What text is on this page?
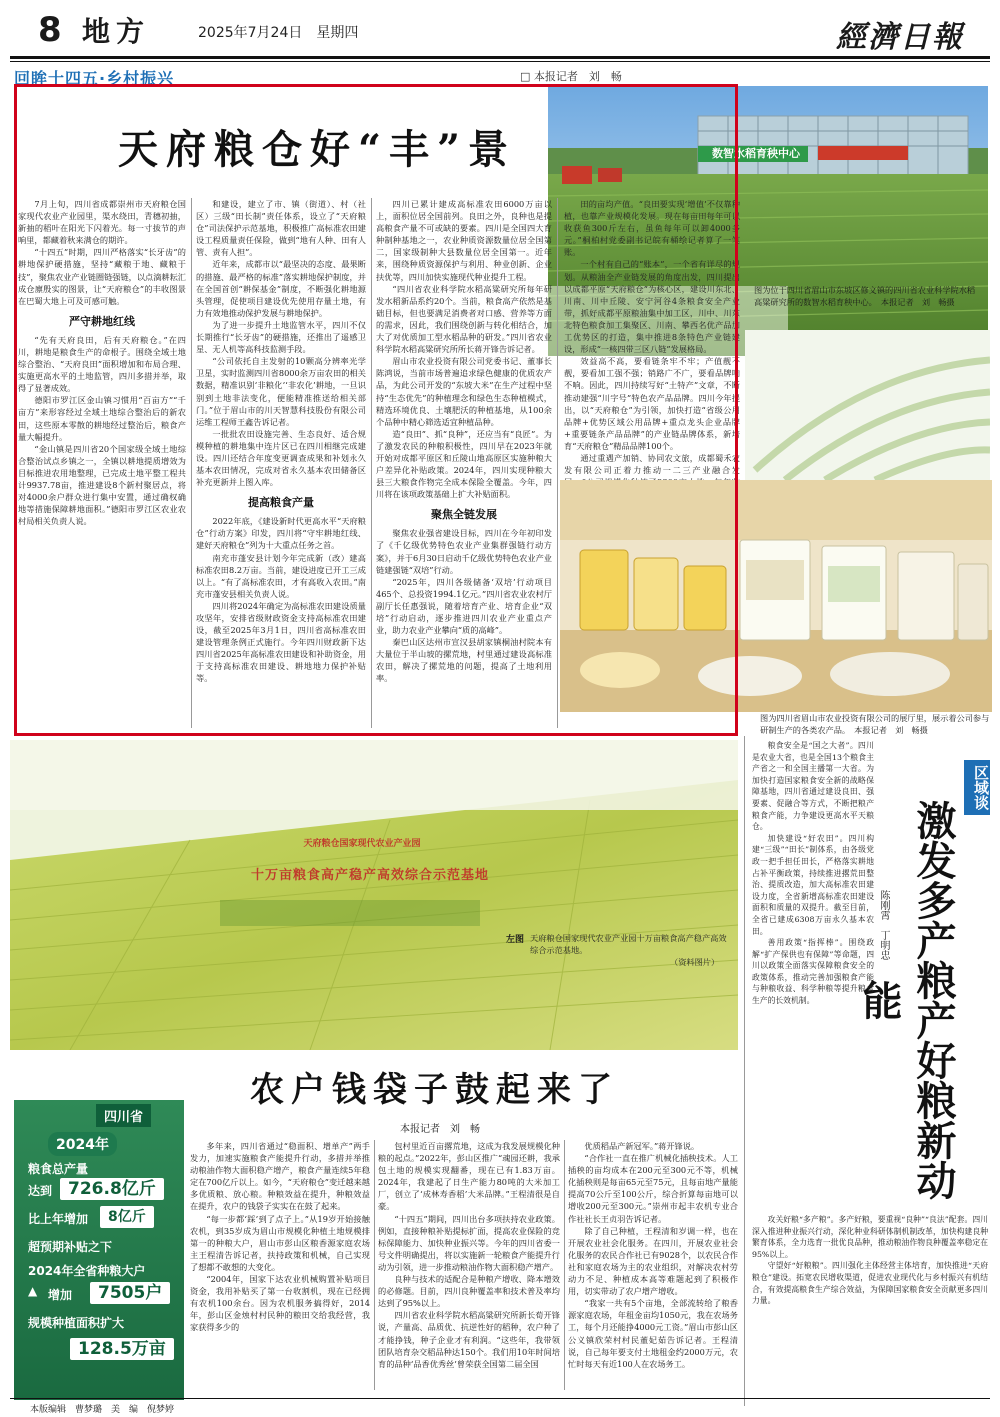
8 地方	2025年7月24日　星期四	經濟日報
回眸十四五·乡村振兴	□ 本报记者　刘　畅
天府粮仓好“丰”景	数智水稻育秧中心
图为位于四川省眉山市东坡区修文镇的四川省农业科学院水稻高粱研究所的数智水稻育秧中心。　本报记者　刘　畅摄

7月上旬，四川省成都崇州市天府粮仓国家现代农业产业园里，渠水绕田，青穗初抽，新抽的稻叶在阳光下闪着光。每一寸拔节的声响里，都藏着秋来满仓的期许。

“十四五”时期，四川严格落实“长牙齿”的耕地保护硬措施，坚持“藏粮于地、藏粮于技”，聚焦农业产业链圈链强链，以点滴耕耘汇成仓廪殷实的图景，让“天府粮仓”的丰收图景在巴蜀大地上可及可感可触。

严守耕地红线

“先有天府良田，后有天府粮仓。”在四川，耕地是粮食生产的命根子。围绕全域土地综合整治、“天府良田”面积增加和布局合理、实施更高水平的土地监管，四川多措并举，取得了显著成效。

德阳市罗江区金山镇习惯用“百亩方”“千亩方”来形容经过全域土地综合整治后的新农田，这些原本零散的耕地经过整治后，粮食产量大幅提升。

“金山镇是四川省20个国家级全域土地综合整治试点乡镇之一，全镇以耕地提质增效为目标推进农用地整理，已完成土地平整工程共计9937.78亩，推进建设8个新村聚居点，将对4000余户群众进行集中安置，通过确权确地等措施保障耕地面积。”德阳市罗江区农业农村局相关负责人说。

和建设，建立了市、镇（街道）、村（社区）三级“田长制”责任体系，设立了“天府粮仓”司法保护示范基地，积极推广高标准农田建设工程质量责任保险，做到“地有人种、田有人管、责有人担”。

近年来，成都市以“最坚决的态度、最果断的措施、最严格的标准”落实耕地保护制度，并在全国首创“耕保基金”制度，不断强化耕地源头管理，促使项目建设优先使用存量土地，有力有效地推动保护发展与耕地保护。

为了进一步提升土地监管水平，四川不仅长期推行“长牙齿”的硬措施，还推出了遥感卫星、无人机等高科技监测手段。

“公司依托自主发射的10颗高分辨率光学卫星，实时监测四川省8000余万亩农田的相关数据，精准识别‘非粮化’‘非农化’耕地，一旦识别到土地非法变化，便能精准推送给相关部门。”位于眉山市的川天智慧科技股份有限公司运维工程师王鑫告诉记者。

一批批农田设施完善、生态良好、适合规模种植的耕地集中连片区已在四川相继完成建设。四川还结合年度变更调查成果和补划永久基本农田情况，完成对省永久基本农田储备区补充更新并上图入库。

提高粮食产量

2022年底，《建设新时代更高水平“天府粮仓”行动方案》印发，四川将“守牢耕地红线、建好天府粮仓”列为十大重点任务之首。

南充市蓬安县计划今年完成新（改）建高标准农田8.2万亩。当前，建设进度已开工三成以上。“有了高标准农田，才有高收入农田。”南充市蓬安县相关负责人说。

四川将2024年确定为高标准农田建设质量攻坚年，安排省级财政资金支持高标准农田建设，截至2025年3月1日，四川省高标准农田建设管理条例正式施行。今年四川财政新下达四川省2025年高标准农田建设和补助资金，用于支持高标准农田建设、耕地地力保护补贴等。

四川已累计建成高标准农田6000万亩以上，面积位居全国前列。良田之外，良种也是提高粮食产量不可或缺的要素。四川是全国四大育种制种基地之一，农业种质资源数量位居全国第二，国家级制种大县数量位居全国第一。近年来，围绕种质资源保护与利用、种业创新、企业扶优等，四川加快实施现代种业提升工程。

“四川省农业科学院水稻高粱研究所每年研发水稻新品系约20个。当前，粮食高产依然是基础目标，但也要满足消费者对口感、营养等方面的需求，因此，我们围绕创新与转化相结合，加大了对优质加工型水稻品种的研发。”四川省农业科学院水稻高粱研究所所长蒋开锋告诉记者。

眉山市农业投资有限公司党委书记、董事长陈鸿说，当前市场普遍追求绿色健康的优质农产品，为此公司开发的“东坡大米”在生产过程中坚持“生态优先”的种植理念和绿色生态种植模式，精选环境优良、土壤肥沃的种植基地，从100余个品种中精心筛选适宜种植品种。

造“良田”、抓“良种”，还应当有“良匠”。为了激发农民的种粮积极性，四川早在2023年就开始对成都平原区和丘陵山地高原区实施种粮大户差异化补贴政策。2024年，四川实现种粮大县三大粮食作物完全成本保险全覆盖。今年，四川将在该项政策基础上扩大补贴面积。

聚焦全链发展

聚焦农业强省建设目标，四川在今年初印发了《千亿级优势特色农业产业集群强链行动方案》，并于6月30日启动千亿级优势特色农业产业链建强链“双培”行动。

“2025年，四川各级储备‘双培’行动项目465个、总投资1994.1亿元。”四川省农业农村厅副厅长任惠强说，随着培育产业、培育企业“双培”行动启动，逐步推进四川农业产业重点产业，助力农业产业攀向“质的高峰”。

秦巴山区达州市宣汉县胡家镇桐油村院本有大量位于半山坡的摞荒地，村里通过建设高标准农田，解决了摞荒地的问题，提高了土地利用率。

田的亩均产值。“良田要实现‘增值’不仅靠种植，也靠产业规模化发展。现在每亩田每年可以收获鱼300斤左右，虽鱼每年可以卸4000多元。”桐柏村党委副书记皖有桶绘记者算了一笔账。

一个村有自己的“账本”，一个省有详尽的规划。从粮油全产业链发展的角度出发，四川提出以成都平原“天府粮仓”为核心区，建设川东北、川南、川中丘陵、安宁河谷4条粮食安全产业带，抓好成都平原粮油集中加工区，川中、川东北特色粮食加工集聚区、川南、攀西名优产品加工优势区的打造，集中推进8条特色产业链建设，形成“一核四带三区八链”发展格局。

效益高不高，要看链条牢不牢；产值靓不靓，要看加工强不强；销路广不广，要看品牌响不响。因此，四川持续写好“土特产”文章，不断推动建强“川字号”特色农产品品牌。四川今年提出，以“天府粮仓”为引领，加快打造“省级公用品牌+优势区域公用品牌+重点龙头企业品牌+重要链条产品品牌”的产业链品牌体系，新培育“天府粮仓”精品品牌100个。

通过重遇产加销、协同农文旅，成都蜀禾农发有限公司正着力推动一二三产业融合发

图为四川省眉山市农业投资有限公司的展厅里，展示着公司参与研制生产的各类农产品。　本报记者　刘　畅摄
天府粮仓国家现代农业产业园
十万亩粮食高产稳产高效综合示范基地
左图 天府粮仓国家现代农业产业园十万亩粮食高产稳产高效综合示范基地。
（资料图片）
农户钱袋子鼓起来了
本报记者　刘　畅
四川省
2024年
粮食总产量
达到 726.8亿斤
比上年增加	8亿斤
超预期补贴之下
2024年全省种粮大户
增加
▲	7505户
规模种植面积扩大
128.5万亩

多年来，四川省通过“稳面积、增单产”两手发力，加速实施粮食产能提升行动，多措并举推动粮油作物大面积稳产增产，粮食产量连续5年稳定在700亿斤以上。如今，“天府粮仓”变迁越来越多优质粮、放心粮。种粮效益在提升，种粮效益在提升，农户的钱袋子实实在在鼓了起来。

“每一步都‘踩’到了点子上。”从19岁开始接触农机，到35岁成为眉山市规模化种植土地规模排第一的种粮大户，眉山市彭山区粮香源家庭农场主王程清告诉记者，扶持政策和机械，自己实现了想都不敢想的大变化。

“2004年，国家下达农业机械购置补贴项目资金，我用补贴买了第一台收割机，现在已经拥有农机100余台。因为农机服务搞得好，2014年，彭山区金烛村村民种的粮田交给我经营，我家获得多少的

包村里近百亩撂荒地，这成为我发展规模化种粮的起点。”2022年，彭山区推广“魂园还耕，我承包土地的规模实现翻番，现在已有1.83万亩。2024年，我建起了日生产能力80吨的大米加工厂，创立了‘成林寿香稻’大米品牌。”王程清很是自豪。

“十四五”期间，四川出台多项扶持农业政策。例如，直接种粮补贴提标扩面，提高农业保险的竞标保障能力、加快种业振兴等。今年的四川省委一号文件明确提出，将以实施新一轮粮食产能提升行动为引领，进一步推动粮油作物大面积稳产增产。

良种与技术的适配合是种粮产增收、降本增效的必修题。目前，四川良种覆盖率和技术普及率均达到了95%以上。

四川省农业科学院水稻高粱研究所新长荀开锋说，产量高、品质优、抗逆性好的稻种，农户种了才能挣钱，种子企业才有利润。“这些年，我带领团队培育杂交稻品种达150个。我们用10年时间培育的品种‘品香优秀丝’曾荣获全国第二届全国

优质稻品产新冠军。”蒋开锋说。

“合作社一直在推广机械化插秧技术。人工插秧的亩均成本在200元至300元不等，机械化插秧则是每亩65元至75元，且每亩地产量能提高70公斤至100公斤，综合折算每亩地可以增收200元至300元。”崇州市起丰农机专业合作社社长王贞羽告诉记者。

除了自己种植，王程清和岁调一样，也在开展农业社会化服务。在四川，开展农业社会化服务的农民合作社已有9028个，以农民合作社和家庭农场为主的农业组织，对解决农村劳动力不足、种植成本高等难题起到了积极作用，切实带动了农户增产增收。

“我家一共有5个亩地，全部流转给了粮香源家庭农场，年租金亩均1050元，我在农场务工，每个月还能挣4000元工资。”眉山市彭山区公义镇欣荣村村民董妃茹告诉记者。王程清说，自己每年要支付土地租金约2000万元，农忙时每天有近100人在农场务工。

区域谈
激发多产粮产好粮新动能
陈刚霄　丁明忠

粮食安全是“国之大者”。四川是农业大省，也是全国13个粮食主产省之一和全国主播第一大省。为加快打造国家粮食安全新的战略保障基地，四川省通过建设良田、强要素、促融合等方式，不断把粮产粮食产能，力争建设更高水平天粮仓。

加快建设“好农田”。四川构建“三级”“田长”制体系，由各级党政一把手担任田长，严格落实耕地占补平衡政策，持续推进撂荒田整治、提质改造，加大高标准农田建设力度，全省新增高标准农田建设面积和质量的双提升。截至目前，全省已建成6308万亩永久基本农田。

善用政策“指挥棒”。围绕政解“扩产保供也有保障”等命题，四川以政策全面落实保障粮食安全的政策体系，推动完善加强粮食产能与种粮收益、科学种粮等提升粮食生产的长效机制。

攻关好粮“多产粮”。多产好粮，要重视“良种”“良法”配套。四川深入推进种业振兴行动，深化种业科研体制机制改革，加快构建良种繁育体系，全力选育一批优良品种，推动粮油作物良种覆盖率稳定在95%以上。

守望好“好粮粮”。四川强化主体经营主体培育，加快推进“天府粮仓”建设。拓宽农民增收渠道，促进农业现代化与乡村振兴有机结合，有效提高粮食生产综合效益，为保障国家粮食安全贡献更多四川力量。

本版编辑　曹梦璐　美　编　倪梦婷
